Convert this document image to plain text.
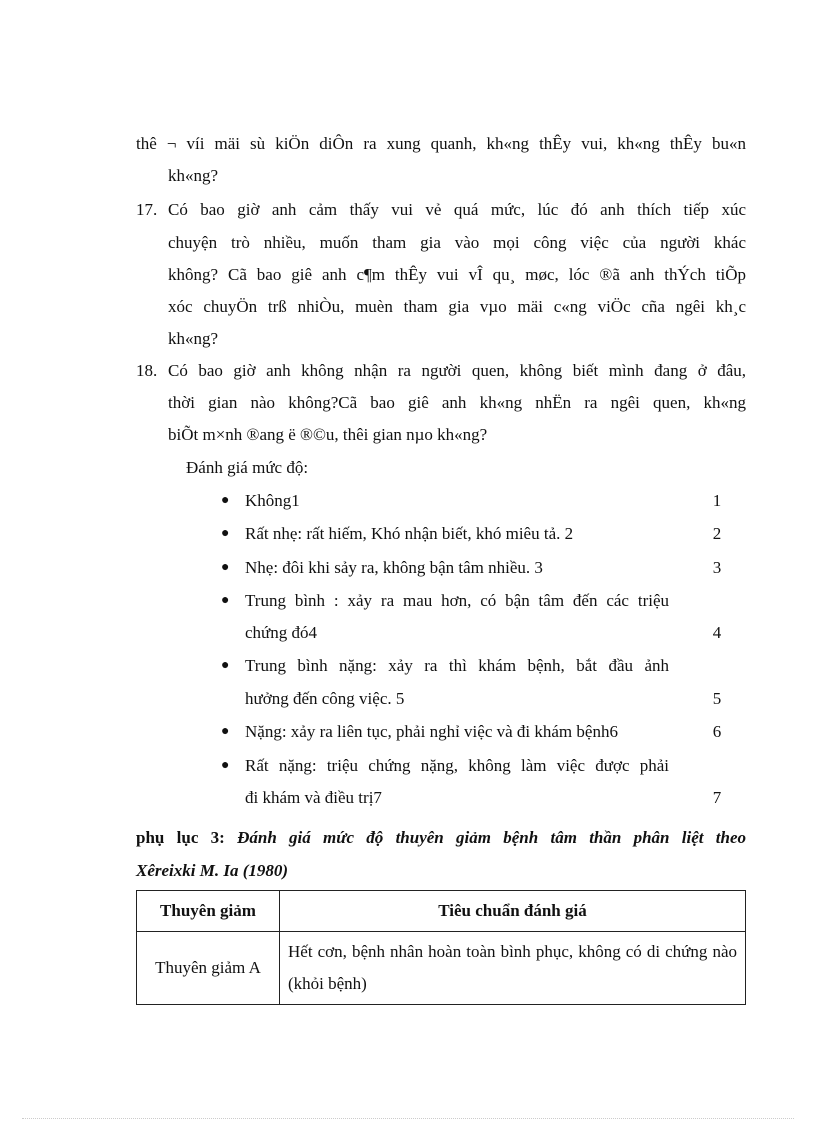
thê ¬ víi mäi sù kiÖn diÔn ra xung quanh, kh«ng thÊy vui, kh«ng thÊy bu«n
kh«ng?
17. Có bao giờ anh cảm thấy vui vẻ quá mức, lúc đó anh thích tiếp xúc
chuyện trò nhiều, muốn tham gia vào mọi công việc của người khác
không? Cã bao giê anh c¶m thÊy vui vÎ qu¸ møc, lóc ®ã anh thÝch tiÕp
xóc chuyÖn trß nhiÒu, muèn tham gia vµo mäi c«ng viÖc cña ngêi kh¸c
kh«ng?
18. Có bao giờ anh không nhận ra người quen, không biết mình đang ở đâu,
thời gian nào không?Cã bao giê anh kh«ng nhËn ra ngêi quen, kh«ng
biÕt m×nh ®ang ë ®©u, thêi gian nµo kh«ng?
Đánh giá mức độ:
● Không1	1
● Rất nhẹ: rất hiếm, Khó nhận biết, khó miêu tả. 2	2
● Nhẹ: đôi khi sảy ra, không bận tâm nhiều. 3	3
● Trung bình : xảy ra mau hơn, có bận tâm đến các triệu
chứng đó4	4
● Trung bình nặng: xảy ra thì khám bệnh, bắt đầu ảnh
hưởng đến công việc. 5	5
● Nặng: xảy ra liên tục, phải nghỉ việc và đi khám bệnh6	6
● Rất nặng: triệu chứng nặng, không làm việc được phải
đi khám và điều trị7	7
phụ lục 3: Đánh giá mức độ thuyên giảm bệnh tâm thần phân liệt theo
Xêreixki M. Ia (1980)
Thuyên giảm	Tiêu chuẩn đánh giá
Thuyên giảm A	Hết cơn, bệnh nhân hoàn toàn bình phục, không có di chứng nào (khỏi bệnh)
